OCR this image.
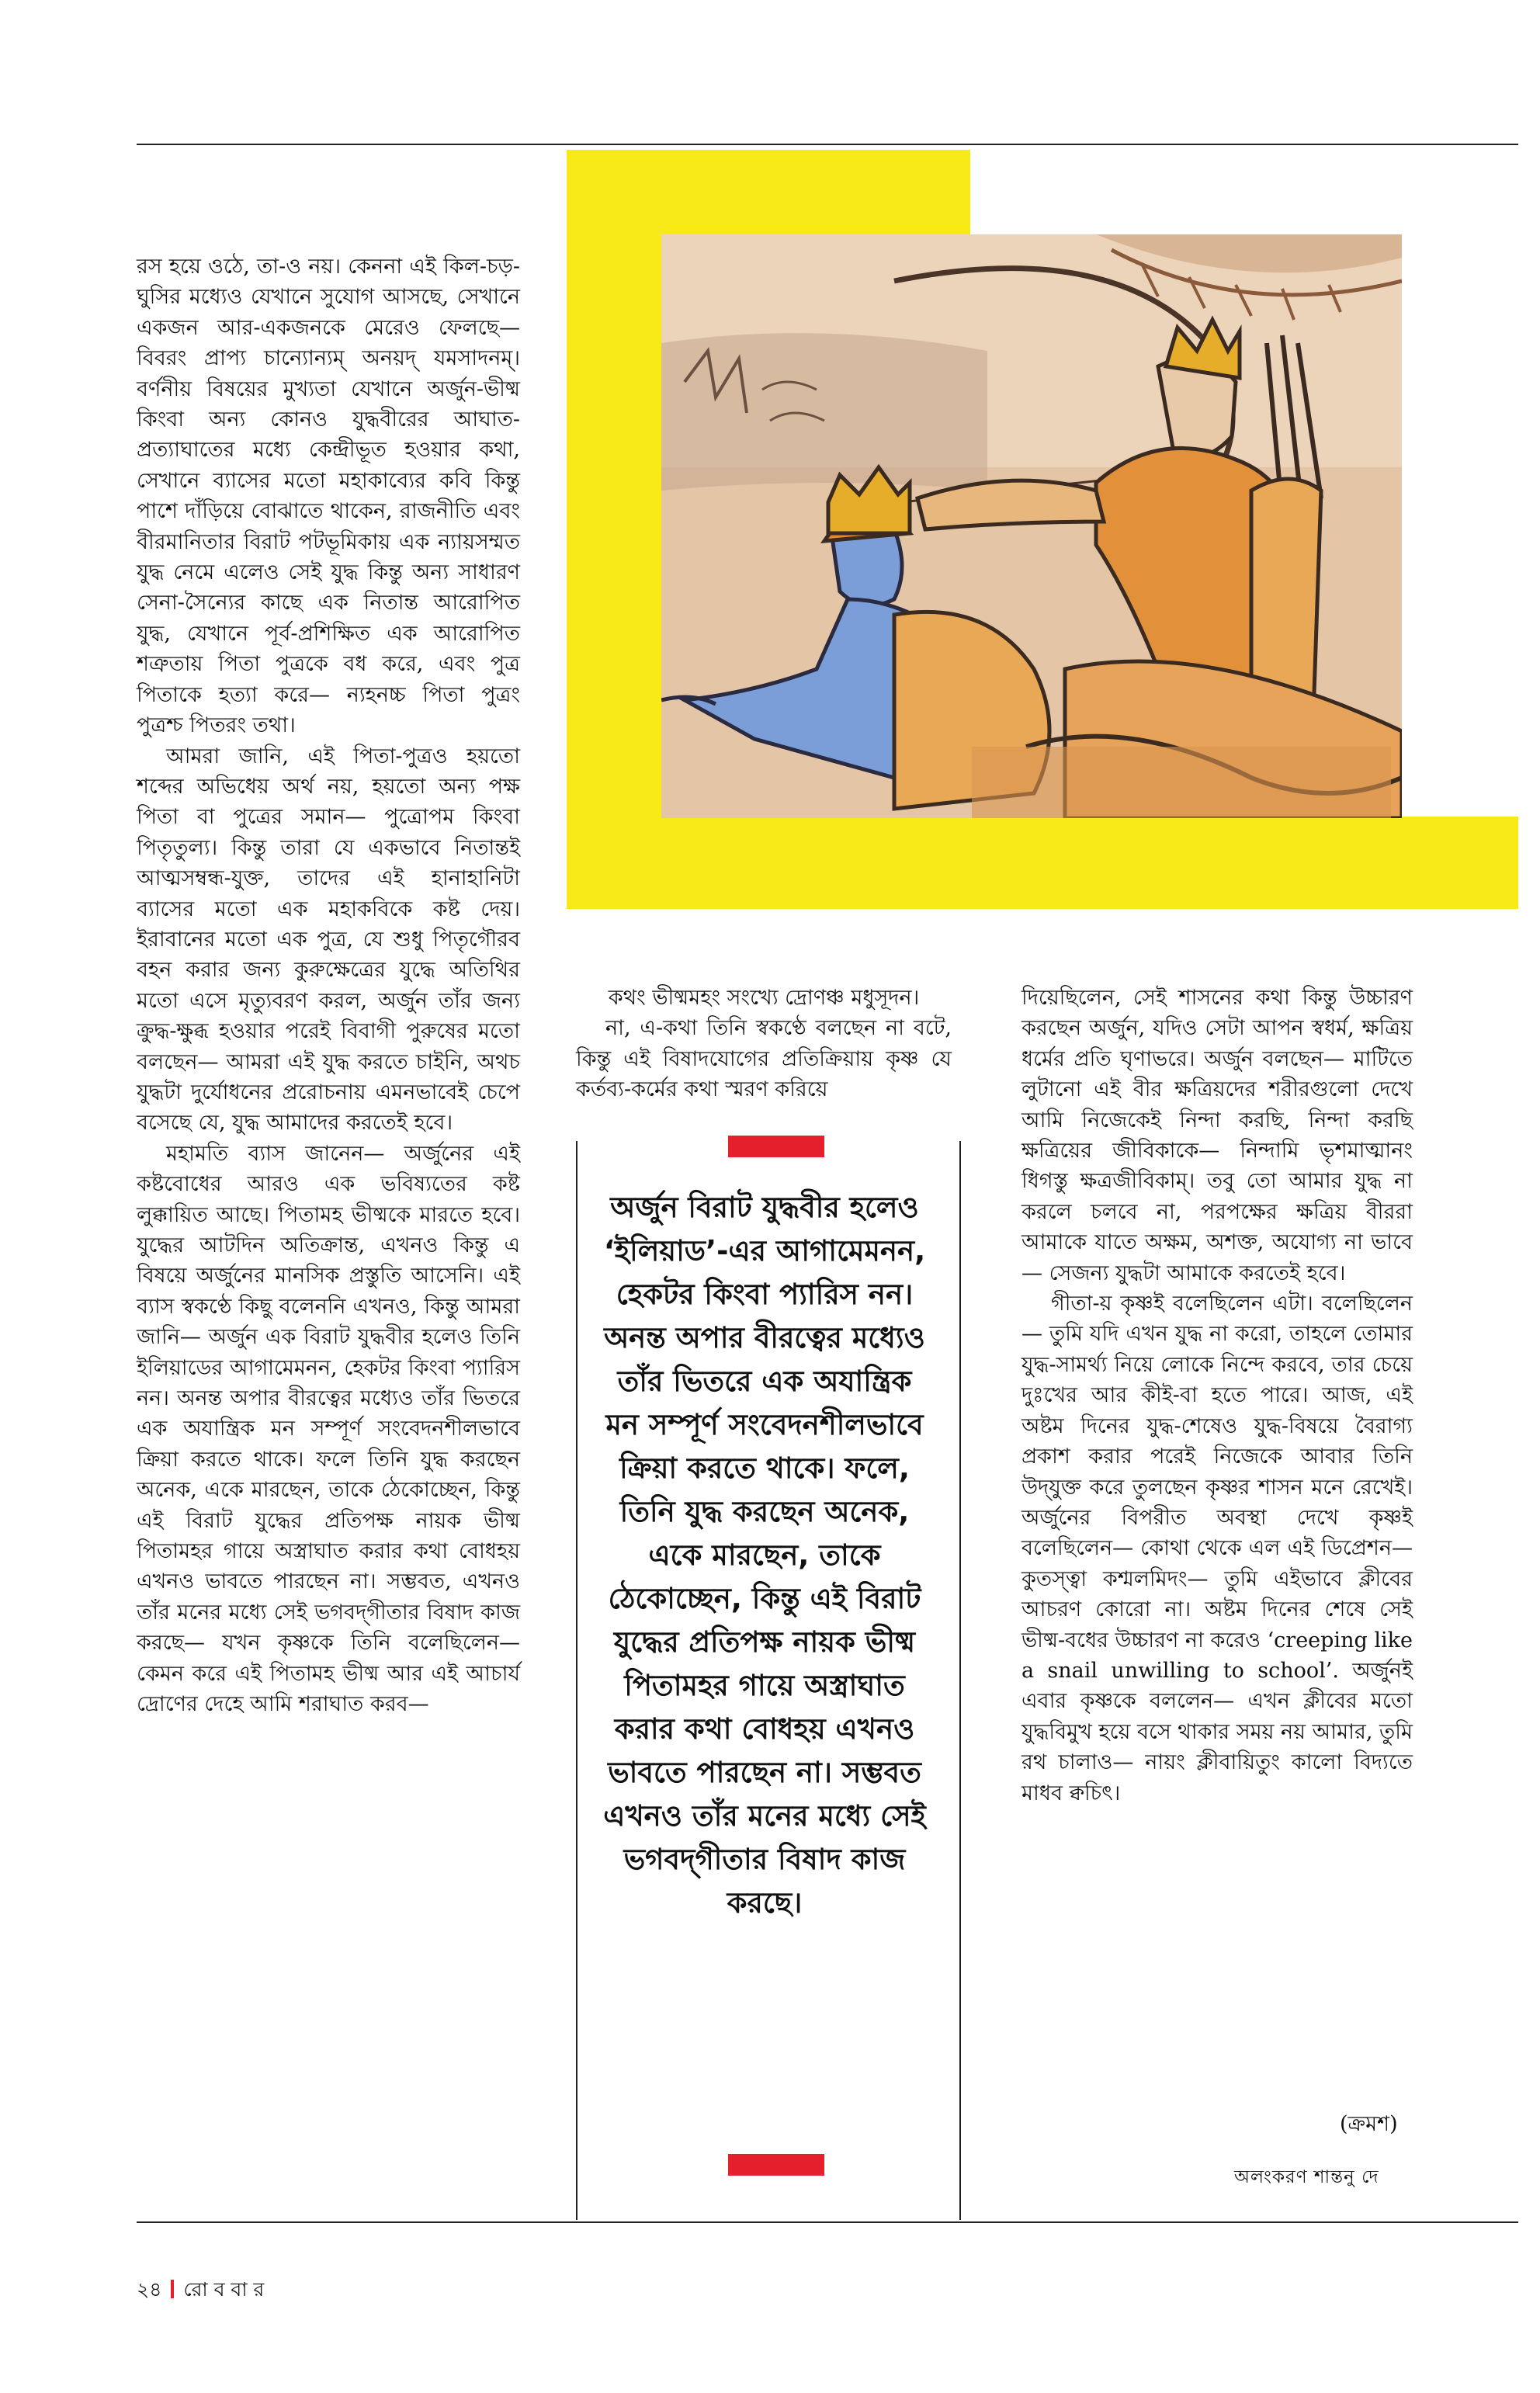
রস হয়ে ওঠে, তা-ও নয়। কেননা এই কিল-চড়-ঘুসির মধ্যেও যেখানে সুযোগ আসছে, সেখানে একজন আর-একজনকে মেরেও ফেলছে— বিবরং প্রাপ্য চান্যোন্যম্ অনয়দ্ যমসাদনম্। বর্ণনীয় বিষয়ের মুখ্যতা যেখানে অর্জুন-ভীষ্ম কিংবা অন্য কোনও যুদ্ধবীরের আঘাত-প্রত্যাঘাতের মধ্যে কেন্দ্রীভূত হওয়ার কথা, সেখানে ব্যাসের মতো মহাকাব্যের কবি কিন্তু পাশে দাঁড়িয়ে বোঝাতে থাকেন, রাজনীতি এবং বীরমানিতার বিরাট পটভূমিকায় এক ন্যায়সম্মত যুদ্ধ নেমে এলেও সেই যুদ্ধ কিন্তু অন্য সাধারণ সেনা-সৈন্যের কাছে এক নিতান্ত আরোপিত যুদ্ধ, যেখানে পূর্ব-প্রশিক্ষিত এক আরোপিত শত্রুতায় পিতা পুত্রকে বধ করে, এবং পুত্র পিতাকে হত্যা করে— ন্যহনচ্চ পিতা পুত্রং পুত্রশ্চ পিতরং তথা।

আমরা জানি, এই পিতা-পুত্রও হয়তো শব্দের অভিধেয় অর্থ নয়, হয়তো অন্য পক্ষ পিতা বা পুত্রের সমান— পুত্রোপম কিংবা পিতৃতুল্য। কিন্তু তারা যে একভাবে নিতান্তই আত্মসম্বন্ধ-যুক্ত, তাদের এই হানাহানিটা ব্যাসের মতো এক মহাকবিকে কষ্ট দেয়। ইরাবানের মতো এক পুত্র, যে শুধু পিতৃগৌরব বহন করার জন্য কুরুক্ষেত্রের যুদ্ধে অতিথির মতো এসে মৃত্যুবরণ করল, অর্জুন তাঁর জন্য ক্রুদ্ধ-ক্ষুব্ধ হওয়ার পরেই বিবাগী পুরুষের মতো বলছেন— আমরা এই যুদ্ধ করতে চাইনি, অথচ যুদ্ধটা দুর্যোধনের প্ররোচনায় এমনভাবেই চেপে বসেছে যে, যুদ্ধ আমাদের করতেই হবে।

মহামতি ব্যাস জানেন— অর্জুনের এই কষ্টবোধের আরও এক ভবিষ্যতের কষ্ট লুক্কায়িত আছে। পিতামহ ভীষ্মকে মারতে হবে। যুদ্ধের আটদিন অতিক্রান্ত, এখনও কিন্তু এ বিষয়ে অর্জুনের মানসিক প্রস্তুতি আসেনি। এই ব্যাস স্বকণ্ঠে কিছু বলেননি এখনও, কিন্তু আমরা জানি— অর্জুন এক বিরাট যুদ্ধবীর হলেও তিনি ইলিয়াডের আগামেমনন, হেকটর কিংবা প্যারিস নন। অনন্ত অপার বীরত্বের মধ্যেও তাঁর ভিতরে এক অযান্ত্রিক মন সম্পূর্ণ সংবেদনশীলভাবে ক্রিয়া করতে থাকে। ফলে তিনি যুদ্ধ করছেন অনেক, একে মারছেন, তাকে ঠেকোচ্ছেন, কিন্তু এই বিরাট যুদ্ধের প্রতিপক্ষ নায়ক ভীষ্ম পিতামহর গায়ে অস্ত্রাঘাত করার কথা বোধহয় এখনও ভাবতে পারছেন না। সম্ভবত, এখনও তাঁর মনের মধ্যে সেই ভগবদ্‌গীতার বিষাদ কাজ করছে— যখন কৃষ্ণকে তিনি বলেছিলেন— কেমন করে এই পিতামহ ভীষ্ম আর এই আচার্য দ্রোণের দেহে আমি শরাঘাত করব—

কথং ভীষ্মমহং সংখ্যে দ্রোণঞ্চ মধুসূদন।

না, এ-কথা তিনি স্বকণ্ঠে বলছেন না বটে, কিন্তু এই বিষাদযোগের প্রতিক্রিয়ায় কৃষ্ণ যে কর্তব্য-কর্মের কথা স্মরণ করিয়ে

অর্জুন বিরাট যুদ্ধবীর হলেও ‘ইলিয়াড’-এর আগামেমনন, হেকটর কিংবা প্যারিস নন। অনন্ত অপার বীরত্বের মধ্যেও তাঁর ভিতরে এক অযান্ত্রিক মন সম্পূর্ণ সংবেদনশীলভাবে ক্রিয়া করতে থাকে। ফলে, তিনি যুদ্ধ করছেন অনেক, একে মারছেন, তাকে ঠেকোচ্ছেন, কিন্তু এই বিরাট যুদ্ধের প্রতিপক্ষ নায়ক ভীষ্ম পিতামহর গায়ে অস্ত্রাঘাত করার কথা বোধহয় এখনও ভাবতে পারছেন না। সম্ভবত এখনও তাঁর মনের মধ্যে সেই ভগবদ্‌গীতার বিষাদ কাজ করছে।

দিয়েছিলেন, সেই শাসনের কথা কিন্তু উচ্চারণ করছেন অর্জুন, যদিও সেটা আপন স্বধর্ম, ক্ষত্রিয় ধর্মের প্রতি ঘৃণাভরে। অর্জুন বলছেন— মাটিতে লুটানো এই বীর ক্ষত্রিয়দের শরীরগুলো দেখে আমি নিজেকেই নিন্দা করছি, নিন্দা করছি ক্ষত্রিয়ের জীবিকাকে— নিন্দামি ভৃশমাত্মানং ধিগস্তু ক্ষত্রজীবিকাম্। তবু তো আমার যুদ্ধ না করলে চলবে না, পরপক্ষের ক্ষত্রিয় বীররা আমাকে যাতে অক্ষম, অশক্ত, অযোগ্য না ভাবে— সেজন্য যুদ্ধটা আমাকে করতেই হবে।

গীতা-য় কৃষ্ণই বলেছিলেন এটা। বলেছিলেন— তুমি যদি এখন যুদ্ধ না করো, তাহলে তোমার যুদ্ধ-সামর্থ্য নিয়ে লোকে নিন্দে করবে, তার চেয়ে দুঃখের আর কীই-বা হতে পারে। আজ, এই অষ্টম দিনের যুদ্ধ-শেষেও যুদ্ধ-বিষয়ে বৈরাগ্য প্রকাশ করার পরেই নিজেকে আবার তিনি উদ্‌যুক্ত করে তুলছেন কৃষ্ণর শাসন মনে রেখেই। অর্জুনের বিপরীত অবস্থা দেখে কৃষ্ণই বলেছিলেন— কোথা থেকে এল এই ডিপ্রেশন— কুতস্ত্বা কশ্মলমিদং— তুমি এইভাবে ক্লীবের আচরণ কোরো না। অষ্টম দিনের শেষে সেই ভীষ্ম-বধের উচ্চারণ না করেও ‘creeping like a snail unwilling to school’. অর্জুনই এবার কৃষ্ণকে বললেন— এখন ক্লীবের মতো যুদ্ধবিমুখ হয়ে বসে থাকার সময় নয় আমার, তুমি রথ চালাও— নায়ং ক্লীবায়িতুং কালো বিদ্যতে মাধব ক্বচিৎ।

(ক্রমশ)
অলংকরণ শান্তনু দে
২৪ রো ব বা র
